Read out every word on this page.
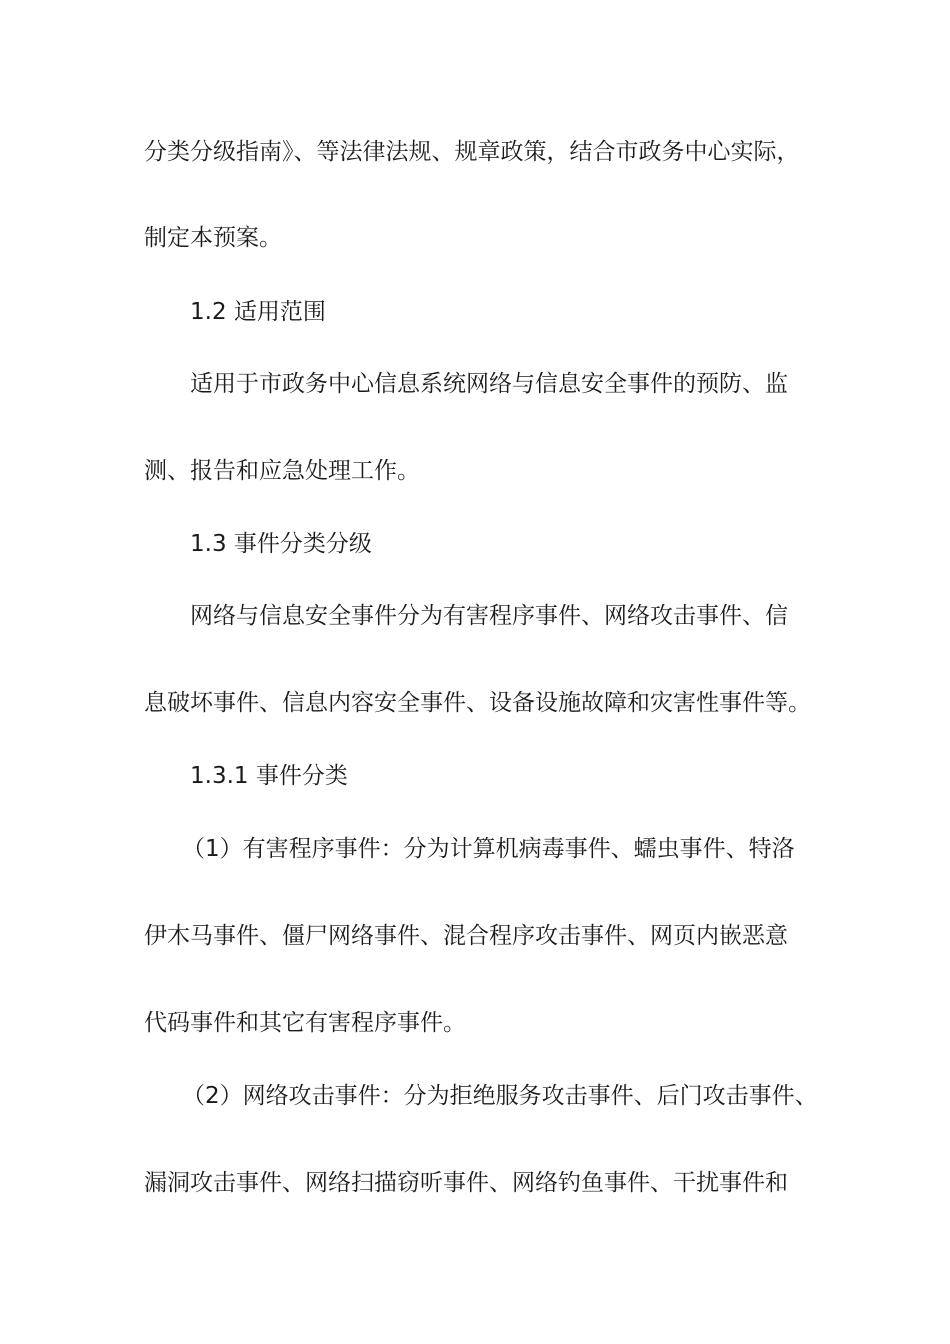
分类分级指南》、等法律法规、规章政策，结合市政务中心实际，
制定本预案。
1.2 适用范围
适用于市政务中心信息系统网络与信息安全事件的预防、监
测、报告和应急处理工作。
1.3 事件分类分级
网络与信息安全事件分为有害程序事件、网络攻击事件、信
息破坏事件、信息内容安全事件、设备设施故障和灾害性事件等。
1.3.1 事件分类
（1）有害程序事件：分为计算机病毒事件、蠕虫事件、特洛
伊木马事件、僵尸网络事件、混合程序攻击事件、网页内嵌恶意
代码事件和其它有害程序事件。
（2）网络攻击事件：分为拒绝服务攻击事件、后门攻击事件、
漏洞攻击事件、网络扫描窃听事件、网络钓鱼事件、干扰事件和
